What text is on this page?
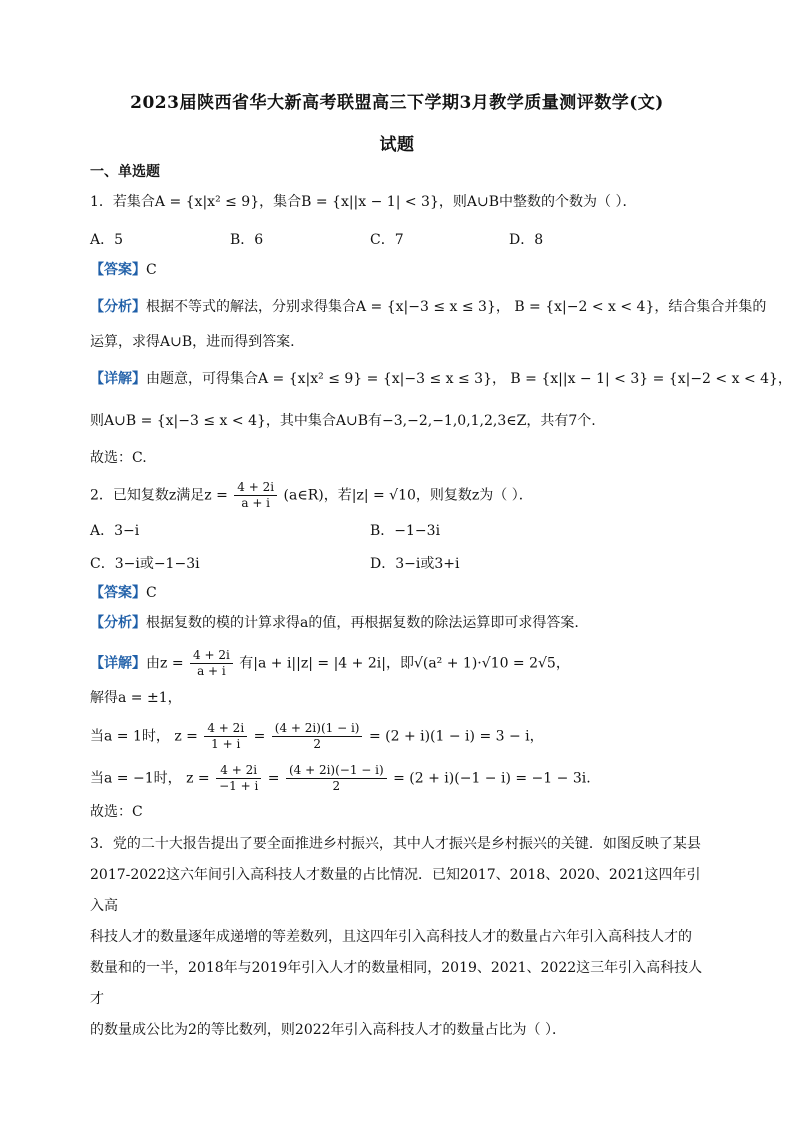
2023届陕西省华大新高考联盟高三下学期3月教学质量测评数学(文)
试题
一、单选题
1．若集合A = {x|x² ≤ 9}，集合B = {x||x − 1| < 3}，则A∪B中整数的个数为（ ）．
A．5	B．6	C．7	D．8
【答案】C
【分析】根据不等式的解法，分别求得集合A = {x|−3 ≤ x ≤ 3}， B = {x|−2 < x < 4}，结合集合并集的
运算，求得A∪B，进而得到答案.
【详解】由题意，可得集合A = {x|x² ≤ 9} = {x|−3 ≤ x ≤ 3}， B = {x||x − 1| < 3} = {x|−2 < x < 4}，
则A∪B = {x|−3 ≤ x < 4}，其中集合A∪B有−3,−2,−1,0,1,2,3∈Z，共有7个.
故选：C.
2．已知复数z满足$z = \frac{4 + 2i}{a + i}$ (a∈R)，若|z| = √10，则复数z为（ ）．
A．3−i	B．−1−3i
C．3−i或−1−3i	D．3−i或3+i
【答案】C
【分析】根据复数的模的计算求得a的值，再根据复数的除法运算即可求得答案.
【详解】由$z = \frac{4 + 2i}{a + i}$ 有|a + i||z| = |4 + 2i|，即√(a² + 1)·√10 = 2√5，
解得a = ±1，
当a = 1时， $z = \frac{4 + 2i}{1 + i} = \frac{(4 + 2i)(1 - i)}{2} = (2 + i)(1 - i) = 3 - i$，
当a = −1时， $z = \frac{4 + 2i}{-1 + i} = \frac{(4 + 2i)(-1 - i)}{2} = (2 + i)(-1 - i) = -1 - 3i$.
故选：C
3．党的二十大报告提出了要全面推进乡村振兴，其中人才振兴是乡村振兴的关键．如图反映了某县
2017-2022这六年间引入高科技人才数量的占比情况．已知2017、2018、2020、2021这四年引入高
科技人才的数量逐年成递增的等差数列，且这四年引入高科技人才的数量占六年引入高科技人才的
数量和的一半，2018年与2019年引入人才的数量相同，2019、2021、2022这三年引入高科技人才
的数量成公比为2的等比数列，则2022年引入高科技人才的数量占比为（ ）．
